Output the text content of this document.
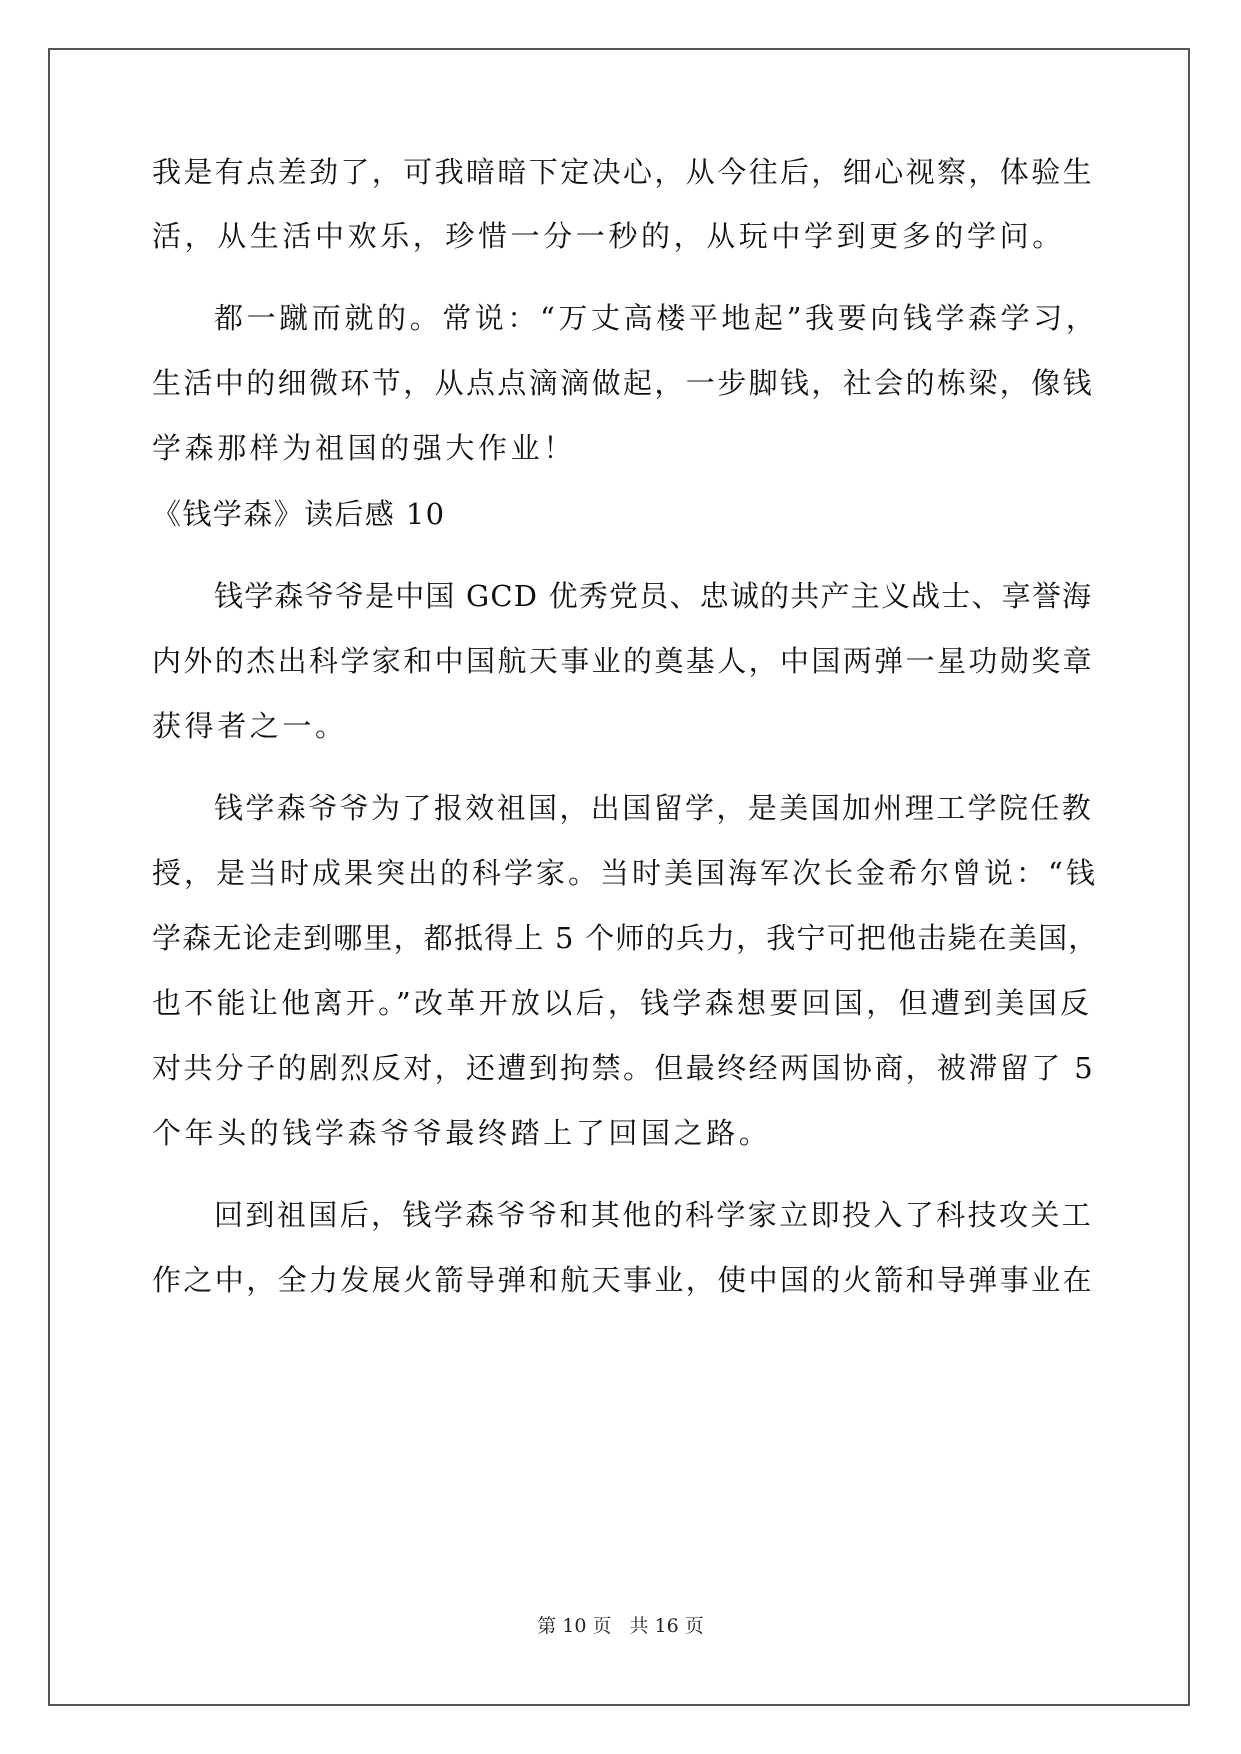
我是有点差劲了，可我暗暗下定决心，从今往后，细心视察，体验生
活，从生活中欢乐，珍惜一分一秒的，从玩中学到更多的学问。
都一蹴而就的。常说：“万丈高楼平地起”我要向钱学森学习，
生活中的细微环节，从点点滴滴做起，一步脚钱，社会的栋梁，像钱
学森那样为祖国的强大作业！
《钱学森》读后感 10
钱学森爷爷是中国 GCD 优秀党员、忠诚的共产主义战士、享誉海
内外的杰出科学家和中国航天事业的奠基人，中国两弹一星功勋奖章
获得者之一。
钱学森爷爷为了报效祖国，出国留学，是美国加州理工学院任教
授，是当时成果突出的科学家。当时美国海军次长金希尔曾说：“钱
学森无论走到哪里，都抵得上 5 个师的兵力，我宁可把他击毙在美国，
也不能让他离开。”改革开放以后，钱学森想要回国，但遭到美国反
对共分子的剧烈反对，还遭到拘禁。但最终经两国协商，被滞留了 5
个年头的钱学森爷爷最终踏上了回国之路。
回到祖国后，钱学森爷爷和其他的科学家立即投入了科技攻关工
作之中，全力发展火箭导弹和航天事业，使中国的火箭和导弹事业在
第 10 页 共 16 页
